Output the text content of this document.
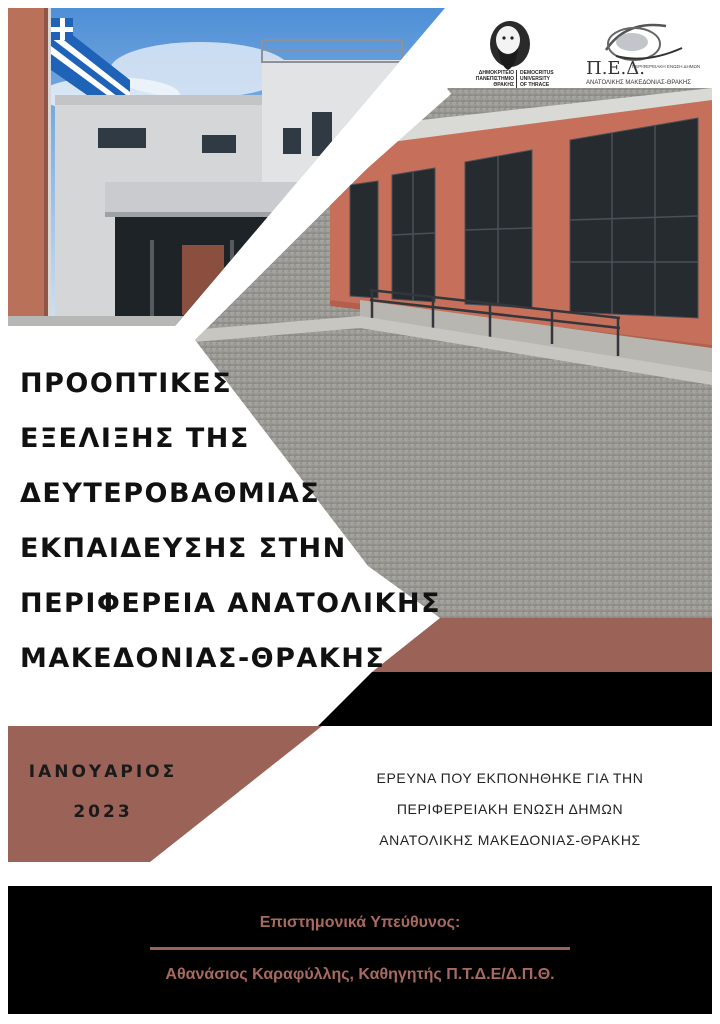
ΔΗΜΟΚΡΙΤΕΙΟ
ΠΑΝΕΠΙΣΤΗΜΙΟ
ΘΡΑΚΗΣ
DEMOCRITUS
UNIVERSITY
OF THRACE
Π.Ε.Δ.
ΠΕΡΙΦΕΡΕΙΑΚΗ ΕΝΩΣΗ ΔΗΜΩΝ
ΑΝΑΤΟΛΙΚΗΣ ΜΑΚΕΔΟΝΙΑΣ-ΘΡΑΚΗΣ
ΠΡΟΟΠΤΙΚΕΣ
ΕΞΕΛΙΞΗΣ ΤΗΣ
ΔΕΥΤΕΡΟΒΑΘΜΙΑΣ
ΕΚΠΑΙΔΕΥΣΗΣ ΣΤΗΝ
ΠΕΡΙΦΕΡΕΙΑ ΑΝΑΤΟΛΙΚΗΣ
ΜΑΚΕΔΟΝΙΑΣ-ΘΡΑΚΗΣ
ΙΑΝΟΥΑΡΙΟΣ
2023
ΕΡΕΥΝΑ ΠΟΥ ΕΚΠΟΝΗΘΗΚΕ ΓΙΑ ΤΗΝ
ΠΕΡΙΦΕΡΕΙΑΚΗ ΕΝΩΣΗ ΔΗΜΩΝ
ΑΝΑΤΟΛΙΚΗΣ ΜΑΚΕΔΟΝΙΑΣ-ΘΡΑΚΗΣ
Επιστημονικά Υπεύθυνος:
Αθανάσιος Καραφύλλης, Καθηγητής Π.Τ.Δ.Ε/Δ.Π.Θ.
